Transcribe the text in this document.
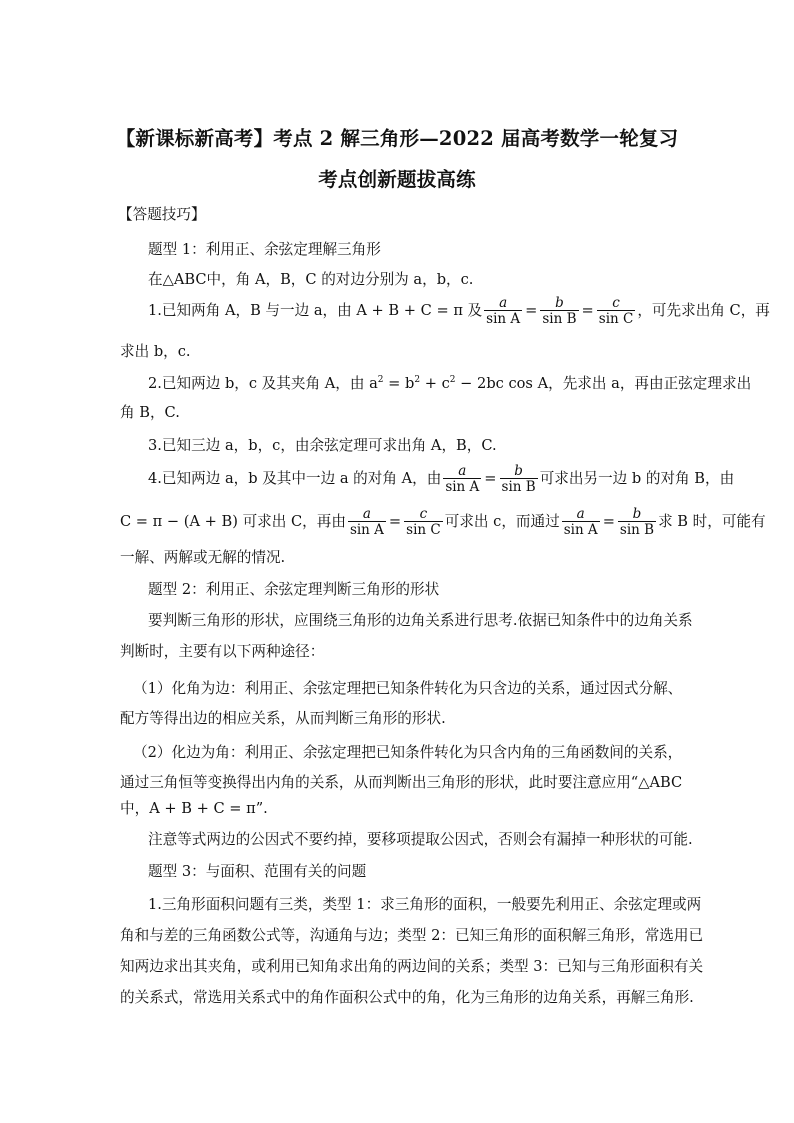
【新课标新高考】考点 2 解三角形—2022 届高考数学一轮复习
考点创新题拔高练
【答题技巧】
题型 1：利用正、余弦定理解三角形
在△ABC中，角 A，B，C 的对边分别为 a，b，c.
1.已知两角 A，B 与一边 a，由 A + B + C = π 及 $\frac{a}{\text{sin A}} = \frac{b}{\text{sin B}} = \frac{c}{\text{sin C}}$ ，可先求出角 C，再
求出 b，c.
2.已知两边 b，c 及其夹角 A，由 $a^2 = b^2 + c^2 - 2bc$ cos A，先求出 a，再由正弦定理求出
角 B，C.
3.已知三边 a，b，c，由余弦定理可求出角 A，B，C.
4.已知两边 a，b 及其中一边 a 的对角 A，由 $\frac{a}{\text{sin A}} = \frac{b}{\text{sin B}}$ 可求出另一边 b 的对角 B，由
C = π − (A + B) 可求出 C，再由 $\frac{a}{\text{sin A}} = \frac{c}{\text{sin C}}$ 可求出 c，而通过 $\frac{a}{\text{sin A}} = \frac{b}{\text{sin B}}$ 求 B 时，可能有
一解、两解或无解的情况.
题型 2：利用正、余弦定理判断三角形的形状
要判断三角形的形状，应围绕三角形的边角关系进行思考.依据已知条件中的边角关系
判断时，主要有以下两种途径：
（1）化角为边：利用正、余弦定理把已知条件转化为只含边的关系，通过因式分解、
配方等得出边的相应关系，从而判断三角形的形状.
（2）化边为角：利用正、余弦定理把已知条件转化为只含内角的三角函数间的关系，
通过三角恒等变换得出内角的关系，从而判断出三角形的形状，此时要注意应用“△ABC
中，A + B + C = π”.
注意等式两边的公因式不要约掉，要移项提取公因式，否则会有漏掉一种形状的可能.
题型 3：与面积、范围有关的问题
1.三角形面积问题有三类，类型 1：求三角形的面积，一般要先利用正、余弦定理或两
角和与差的三角函数公式等，沟通角与边；类型 2：已知三角形的面积解三角形，常选用已
知两边求出其夹角，或利用已知角求出角的两边间的关系；类型 3：已知与三角形面积有关
的关系式，常选用关系式中的角作面积公式中的角，化为三角形的边角关系，再解三角形.
